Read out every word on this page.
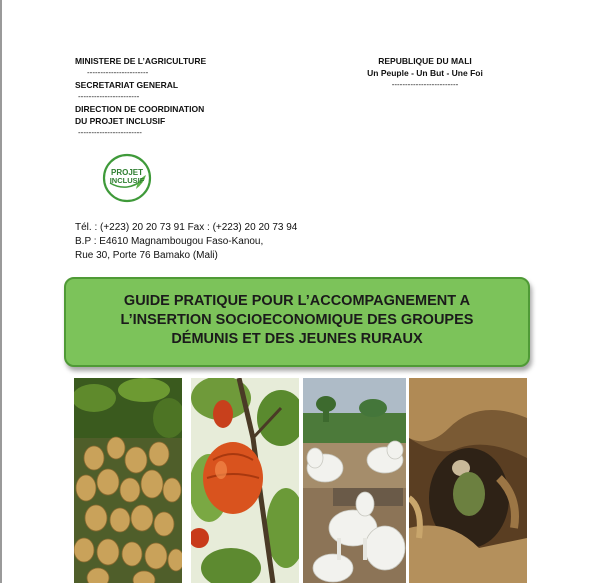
MINISTERE DE L’AGRICULTURE
-----------------------
SECRETARIAT GENERAL
-----------------------
DIRECTION DE COORDINATION
DU PROJET INCLUSIF
------------------------
REPUBLIQUE DU MALI
Un Peuple - Un But - Une Foi
-------------------------
PROJET
INCLUSIF
Tél. : (+223) 20 20 73 91 Fax : (+223) 20 20 73 94
B.P : E4610 Magnambougou Faso-Kanou,
Rue 30, Porte 76 Bamako (Mali)
GUIDE PRATIQUE POUR L’ACCOMPAGNEMENT A
L’INSERTION SOCIOECONOMIQUE DES GROUPES
DÉMUNIS ET DES JEUNES RURAUX
